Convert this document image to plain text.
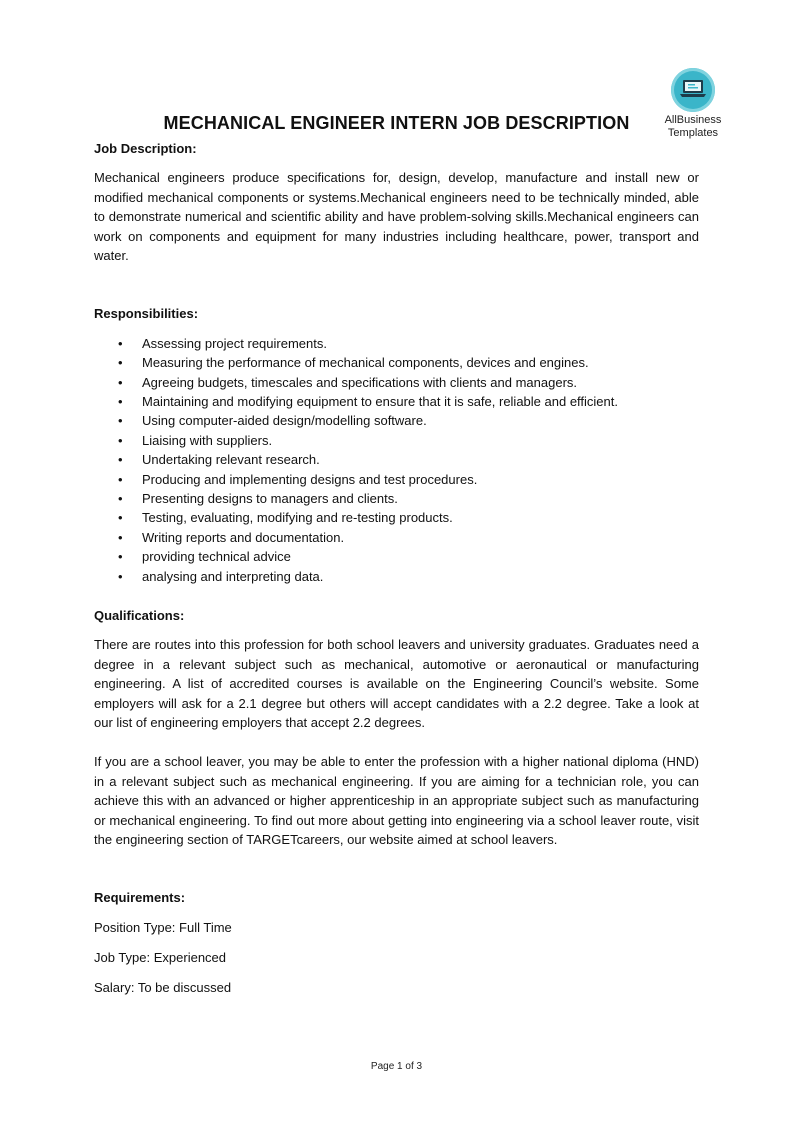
AllBusiness
Templates
MECHANICAL ENGINEER INTERN JOB DESCRIPTION

Job Description:

Mechanical engineers produce specifications for, design, develop, manufacture and install new or modified mechanical components or systems.Mechanical engineers need to be technically minded, able to demonstrate numerical and scientific ability and have problem-solving skills.Mechanical engineers can work on components and equipment for many industries including healthcare, power, transport and water.

Responsibilities:

• Assessing project requirements.
• Measuring the performance of mechanical components, devices and engines.
• Agreeing budgets, timescales and specifications with clients and managers.
• Maintaining and modifying equipment to ensure that it is safe, reliable and efficient.
• Using computer-aided design/modelling software.
• Liaising with suppliers.
• Undertaking relevant research.
• Producing and implementing designs and test procedures.
• Presenting designs to managers and clients.
• Testing, evaluating, modifying and re-testing products.
• Writing reports and documentation.
• providing technical advice
• analysing and interpreting data.

Qualifications:

There are routes into this profession for both school leavers and university graduates. Graduates need a degree in a relevant subject such as mechanical, automotive or aeronautical or manufacturing engineering. A list of accredited courses is available on the Engineering Council’s website. Some employers will ask for a 2.1 degree but others will accept candidates with a 2.2 degree. Take a look at our list of engineering employers that accept 2.2 degrees.

If you are a school leaver, you may be able to enter the profession with a higher national diploma (HND) in a relevant subject such as mechanical engineering. If you are aiming for a technician role, you can achieve this with an advanced or higher apprenticeship in an appropriate subject such as manufacturing or mechanical engineering. To find out more about getting into engineering via a school leaver route, visit the engineering section of TARGETcareers, our website aimed at school leavers.

Requirements:

Position Type: Full Time

Job Type: Experienced

Salary: To be discussed

Page 1 of 3
